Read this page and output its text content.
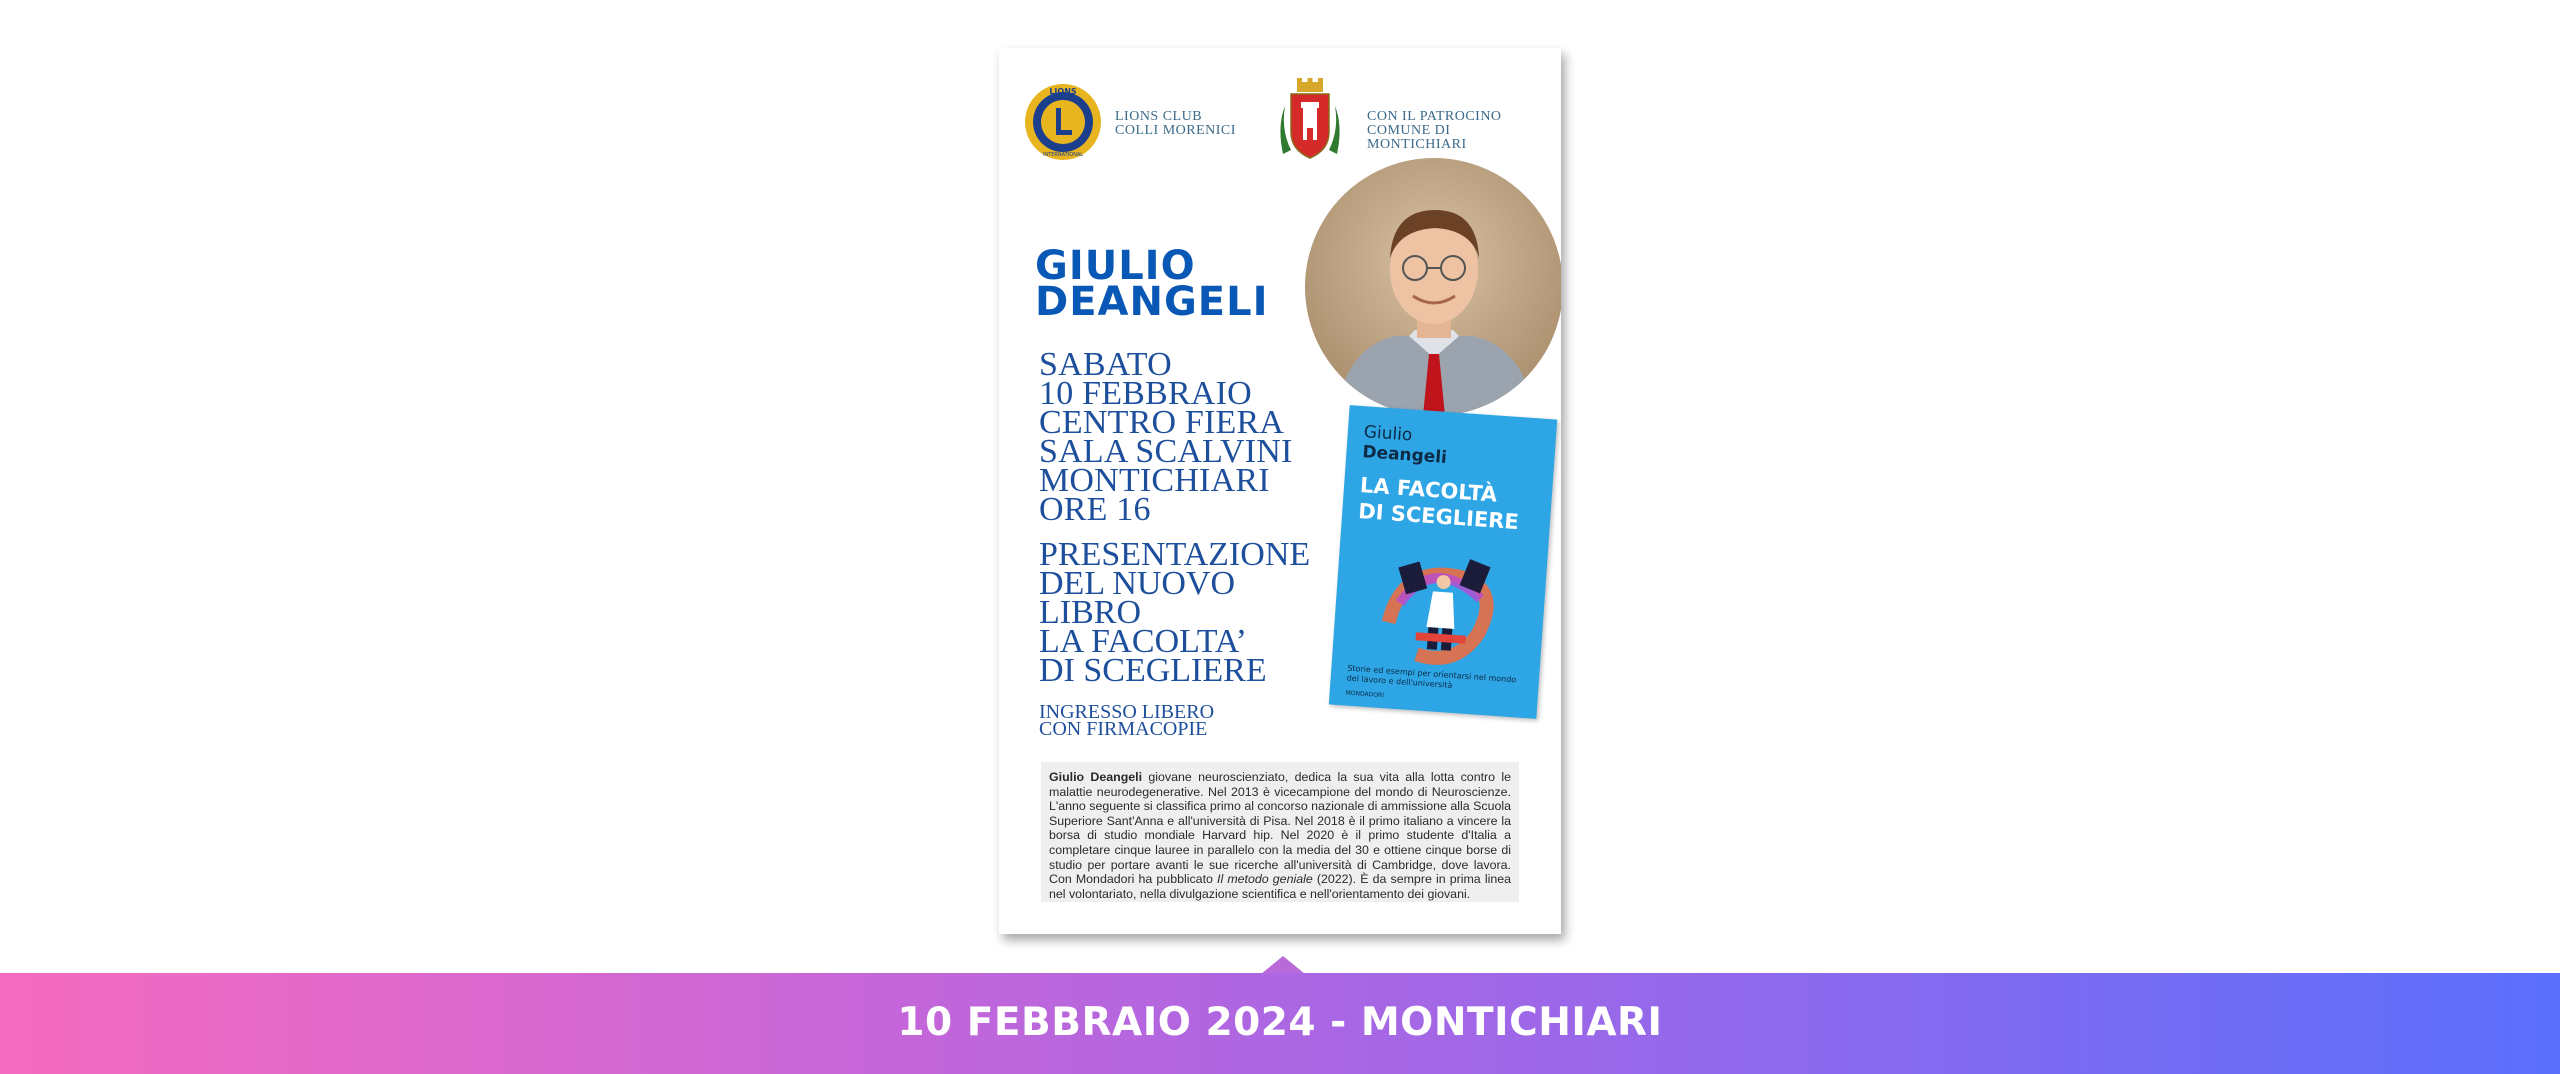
LIONS
INTERNATIONAL
LIONS CLUB
COLLI MORENICI
CON IL PATROCINO
COMUNE DI
MONTICHIARI
GIULIO
DEANGELI
SABATO
10 FEBBRAIO
CENTRO FIERA
SALA SCALVINI
MONTICHIARI
ORE 16
PRESENTAZIONE
DEL NUOVO
LIBRO
LA FACOLTA’
DI SCEGLIERE
INGRESSO LIBERO
CON FIRMACOPIE
Giulio
Deangeli
LA FACOLTÀ
DI SCEGLIERE
Storie ed esempi per orientarsi nel mondo del lavoro e dell'università
MONDADORI
Giulio Deangeli giovane neuroscienziato, dedica la sua vita alla lotta contro le malattie neurodegenerative. Nel 2013 è vicecampione del mondo di Neuroscienze. L'anno seguente si classifica primo al concorso nazionale di ammissione alla Scuola Superiore Sant'Anna e all'università di Pisa. Nel 2018 è il primo italiano a vincere la borsa di studio mondiale Harvard hip. Nel 2020 è il primo studente d'Italia a completare cinque lauree in parallelo con la media del 30 e ottiene cinque borse di studio per portare avanti le sue ricerche all'università di Cambridge, dove lavora. Con Mondadori ha pubblicato Il metodo geniale (2022). È da sempre in prima linea nel volontariato, nella divulgazione scientifica e nell'orientamento dei giovani.
10 FEBBRAIO 2024 - MONTICHIARI
